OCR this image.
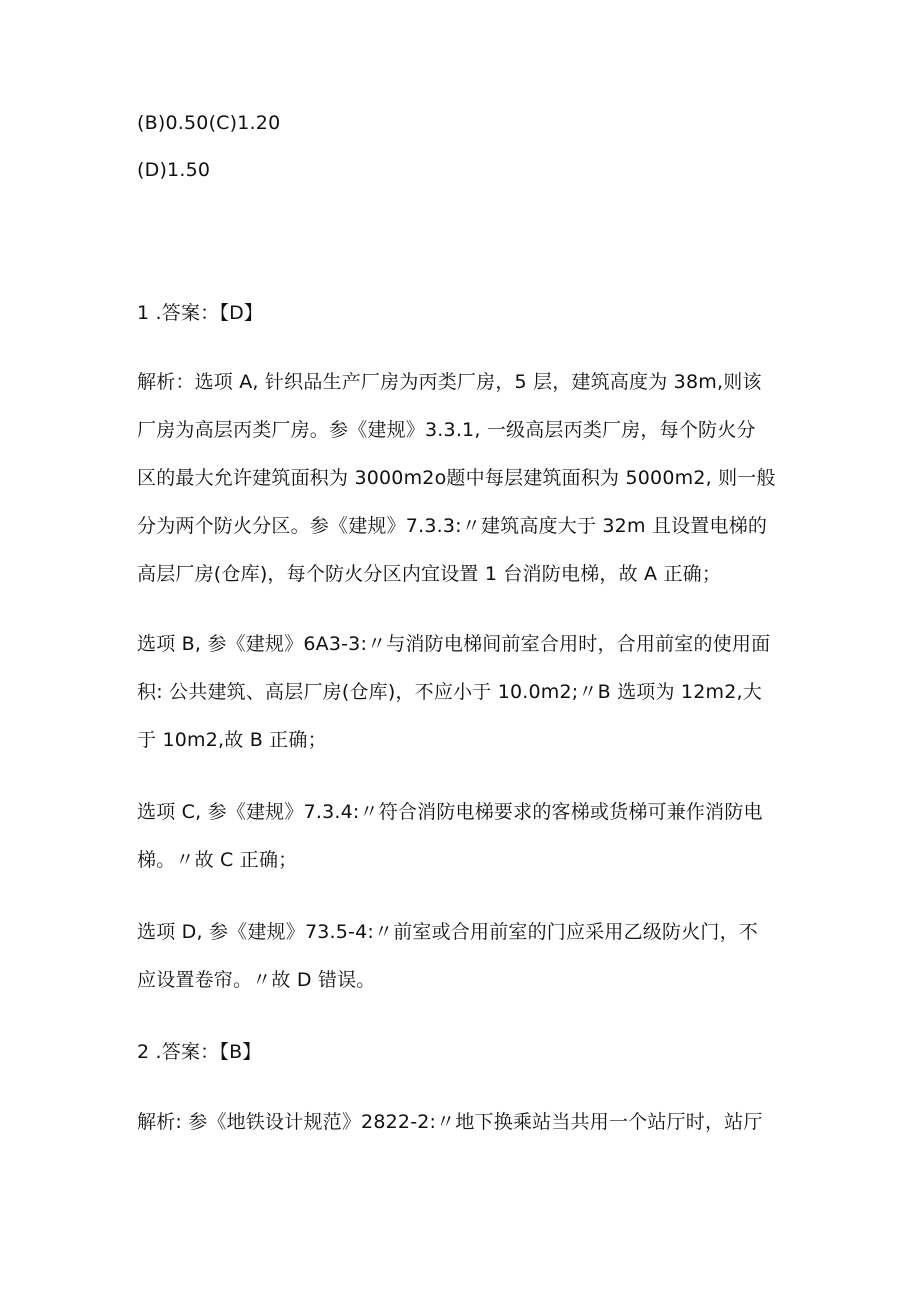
(B)0.50(C)1.20
(D)1.50
1 .答案：【D】
解析：选项 A, 针织品生产厂房为丙类厂房，5 层，建筑高度为 38m,则该
厂房为高层丙类厂房。参《建规》3.3.1, 一级高层丙类厂房，每个防火分
区的最大允许建筑面积为 3000m2o题中每层建筑面积为 5000m2, 则一般
分为两个防火分区。参《建规》7.3.3:〃建筑高度大于 32m 且设置电梯的
高层厂房(仓库)，每个防火分区内宜设置 1 台消防电梯，故 A 正确；
选项 B, 参《建规》6A3-3:〃与消防电梯间前室合用时，合用前室的使用面
积: 公共建筑、高层厂房(仓库)，不应小于 10.0m2;〃B 选项为 12m2,大
于 10m2,故 B 正确；
选项 C, 参《建规》7.3.4:〃符合消防电梯要求的客梯或货梯可兼作消防电
梯。〃故 C 正确；
选项 D, 参《建规》73.5-4:〃前室或合用前室的门应采用乙级防火门，不
应设置卷帘。〃故 D 错误。
2 .答案：【B】
解析: 参《地铁设计规范》2822-2:〃地下换乘站当共用一个站厅时，站厅
